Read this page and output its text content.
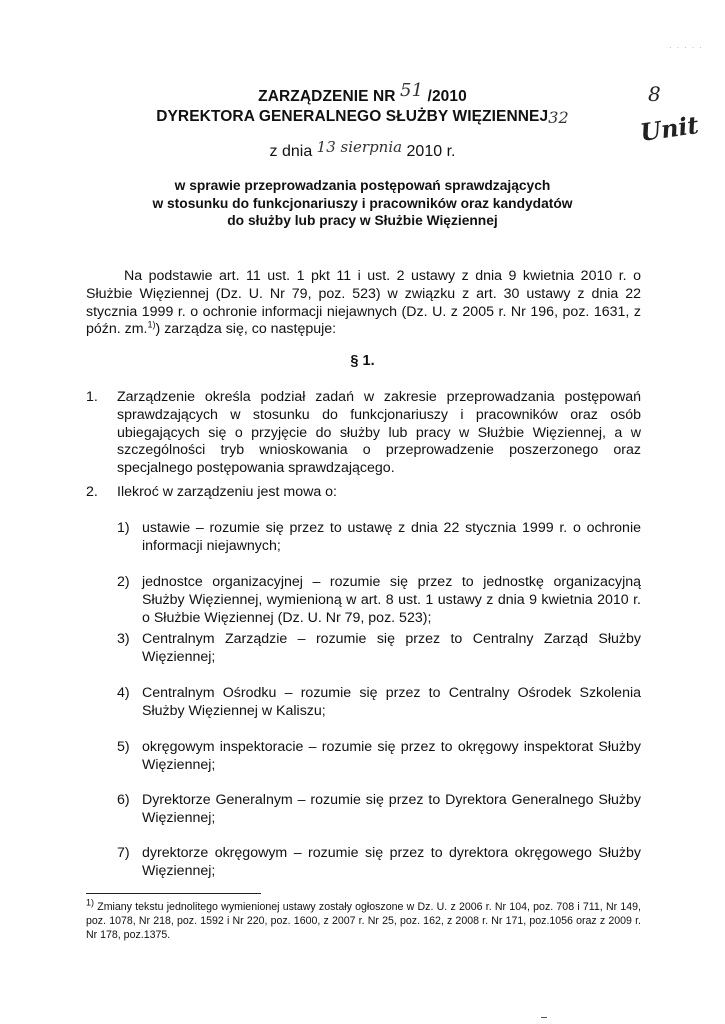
· · · · ·
8
Unit
ZARZĄDZENIE NR 51 /2010
DYREKTORA GENERALNEGO SŁUŻBY WIĘZIENNEJ32
z dnia 13 sierpnia 2010 r.
w sprawie przeprowadzania postępowań sprawdzających
w stosunku do funkcjonariuszy i pracowników oraz kandydatów
do służby lub pracy w Służbie Więziennej
Na podstawie art. 11 ust. 1 pkt 11 i ust. 2 ustawy z dnia 9 kwietnia 2010 r. o Służbie Więziennej (Dz. U. Nr 79, poz. 523) w związku z art. 30 ustawy z dnia 22 stycznia 1999 r. o ochronie informacji niejawnych (Dz. U. z 2005 r. Nr 196, poz. 1631, z późn. zm.$^{1)}$) zarządza się, co następuje:
§ 1.
1. Zarządzenie określa podział zadań w zakresie przeprowadzania postępowań sprawdzających w stosunku do funkcjonariuszy i pracowników oraz osób ubiegających się o przyjęcie do służby lub pracy w Służbie Więziennej, a w szczególności tryb wnioskowania o przeprowadzenie poszerzonego oraz specjalnego postępowania sprawdzającego.
2. Ilekroć w zarządzeniu jest mowa o:
1) ustawie – rozumie się przez to ustawę z dnia 22 stycznia 1999 r. o ochronie informacji niejawnych;
2) jednostce organizacyjnej – rozumie się przez to jednostkę organizacyjną Służby Więziennej, wymienioną w art. 8 ust. 1 ustawy z dnia 9 kwietnia 2010 r. o Służbie Więziennej (Dz. U. Nr 79, poz. 523);
3) Centralnym Zarządzie – rozumie się przez to Centralny Zarząd Służby Więziennej;
4) Centralnym Ośrodku – rozumie się przez to Centralny Ośrodek Szkolenia Służby Więziennej w Kaliszu;
5) okręgowym inspektoracie – rozumie się przez to okręgowy inspektorat Służby Więziennej;
6) Dyrektorze Generalnym – rozumie się przez to Dyrektora Generalnego Służby Więziennej;
7) dyrektorze okręgowym – rozumie się przez to dyrektora okręgowego Służby Więziennej;
$^{1)}$ Zmiany tekstu jednolitego wymienionej ustawy zostały ogłoszone w Dz. U. z 2006 r. Nr 104, poz. 708 i 711, Nr 149, poz. 1078, Nr 218, poz. 1592 i Nr 220, poz. 1600, z 2007 r. Nr 25, poz. 162, z 2008 r. Nr 171, poz.1056 oraz z 2009 r. Nr 178, poz.1375.
